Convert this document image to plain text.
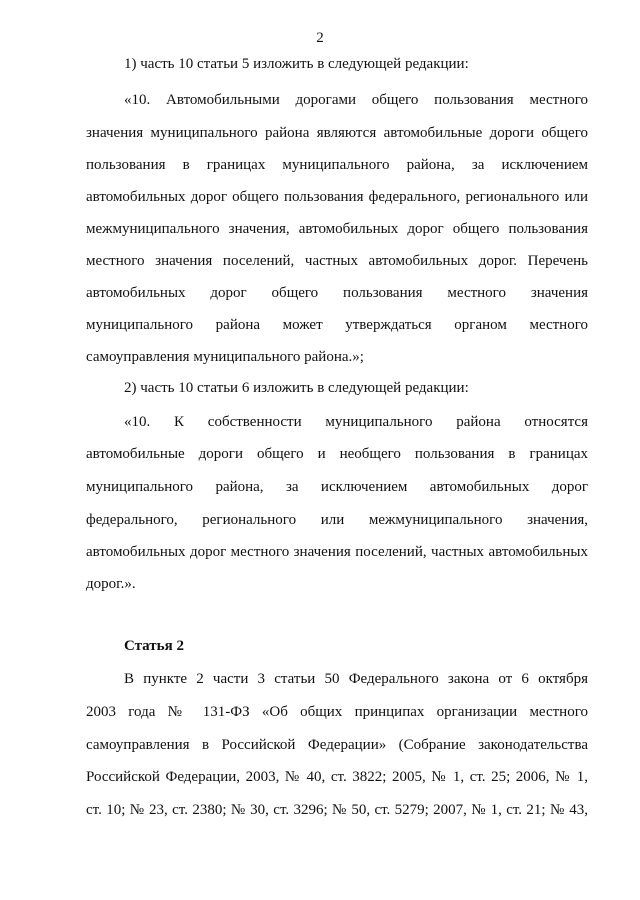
2
1) часть 10 статьи 5 изложить в следующей редакции:
«10. Автомобильными дорогами общего пользования местного
значения муниципального района являются автомобильные дороги общего
пользования в границах муниципального района, за исключением
автомобильных дорог общего пользования федерального, регионального или
межмуниципального значения, автомобильных дорог общего пользования
местного значения поселений, частных автомобильных дорог. Перечень
автомобильных дорог общего пользования местного значения
муниципального района может утверждаться органом местного
самоуправления муниципального района.»;
2) часть 10 статьи 6 изложить в следующей редакции:
«10. К собственности муниципального района относятся
автомобильные дороги общего и необщего пользования в границах
муниципального района, за исключением автомобильных дорог
федерального, регионального или межмуниципального значения,
автомобильных дорог местного значения поселений, частных автомобильных
дорог.».
Статья 2
В пункте 2 части 3 статьи 50 Федерального закона от 6 октября
2003 года № 131-ФЗ «Об общих принципах организации местного
самоуправления в Российской Федерации» (Собрание законодательства
Российской Федерации, 2003, № 40, ст. 3822; 2005, № 1, ст. 25; 2006, № 1,
ст. 10; № 23, ст. 2380; № 30, ст. 3296; № 50, ст. 5279; 2007, № 1, ст. 21; № 43,
